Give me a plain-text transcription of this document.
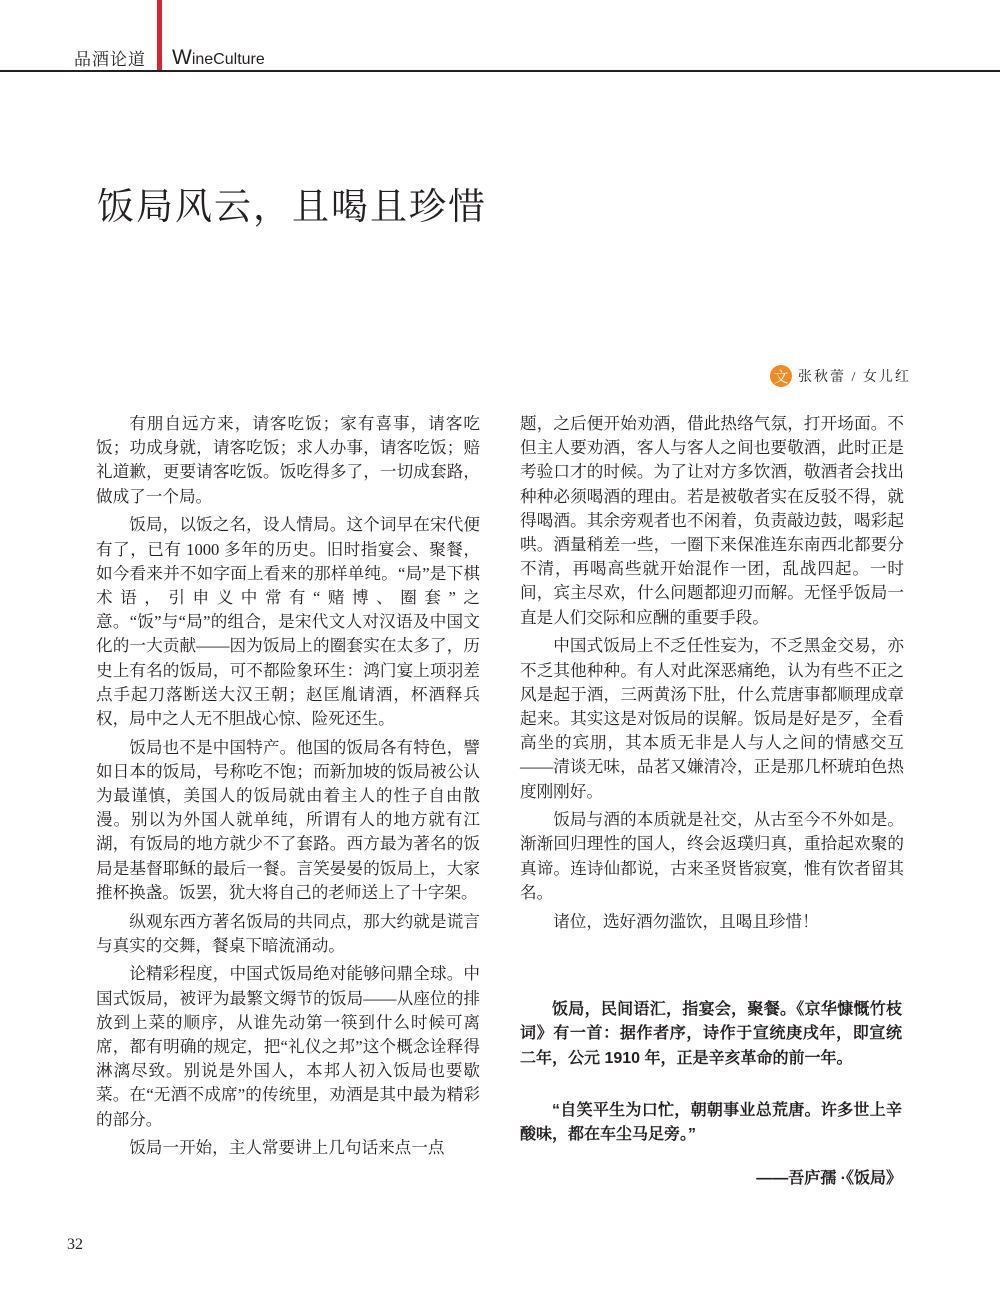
品酒论道 WineCulture
饭局风云，且喝且珍惜
文 张秋蕾 / 女儿红

有朋自远方来，请客吃饭；家有喜事，请客吃饭；功成身就，请客吃饭；求人办事，请客吃饭；赔礼道歉，更要请客吃饭。饭吃得多了，一切成套路，做成了一个局。

饭局，以饭之名，设人情局。这个词早在宋代便有了，已有 1000 多年的历史。旧时指宴会、聚餐，如今看来并不如字面上看来的那样单纯。“局”是下棋术语，引申义中常有“赌博、圈套”之意。“饭”与“局”的组合，是宋代文人对汉语及中国文化的一大贡献——因为饭局上的圈套实在太多了，历史上有名的饭局，可不都险象环生：鸿门宴上项羽差点手起刀落断送大汉王朝；赵匡胤请酒，杯酒释兵权，局中之人无不胆战心惊、险死还生。

饭局也不是中国特产。他国的饭局各有特色，譬如日本的饭局，号称吃不饱；而新加坡的饭局被公认为最谨慎，美国人的饭局就由着主人的性子自由散漫。别以为外国人就单纯，所谓有人的地方就有江湖，有饭局的地方就少不了套路。西方最为著名的饭局是基督耶稣的最后一餐。言笑晏晏的饭局上，大家推杯换盏。饭罢，犹大将自己的老师送上了十字架。

纵观东西方著名饭局的共同点，那大约就是谎言与真实的交舞，餐桌下暗流涌动。

论精彩程度，中国式饭局绝对能够问鼎全球。中国式饭局，被评为最繁文缛节的饭局——从座位的排放到上菜的顺序，从谁先动第一筷到什么时候可离席，都有明确的规定，把“礼仪之邦”这个概念诠释得淋漓尽致。别说是外国人，本邦人初入饭局也要歇菜。在“无酒不成席”的传统里，劝酒是其中最为精彩的部分。

饭局一开始，主人常要讲上几句话来点一点

题，之后便开始劝酒，借此热络气氛，打开场面。不但主人要劝酒，客人与客人之间也要敬酒，此时正是考验口才的时候。为了让对方多饮酒，敬酒者会找出种种必须喝酒的理由。若是被敬者实在反驳不得，就得喝酒。其余旁观者也不闲着，负责敲边鼓，喝彩起哄。酒量稍差一些，一圈下来保准连东南西北都要分不清，再喝高些就开始混作一团，乱战四起。一时间，宾主尽欢，什么问题都迎刃而解。无怪乎饭局一直是人们交际和应酬的重要手段。

中国式饭局上不乏任性妄为，不乏黑金交易，亦不乏其他种种。有人对此深恶痛绝，认为有些不正之风是起于酒，三两黄汤下肚，什么荒唐事都顺理成章起来。其实这是对饭局的误解。饭局是好是歹，全看高坐的宾朋，其本质无非是人与人之间的情感交互——清谈无味，品茗又嫌清冷，正是那几杯琥珀色热度刚刚好。

饭局与酒的本质就是社交，从古至今不外如是。渐渐回归理性的国人，终会返璞归真，重拾起欢聚的真谛。连诗仙都说，古来圣贤皆寂寞，惟有饮者留其名。

诸位，选好酒勿滥饮，且喝且珍惜！

饭局，民间语汇，指宴会，聚餐。《京华慷慨竹枝词》有一首：据作者序，诗作于宣统庚戌年，即宣统二年，公元 1910 年，正是辛亥革命的前一年。

“自笑平生为口忙，朝朝事业总荒唐。许多世上辛酸味，都在车尘马足旁。”

——吾庐孺 ·《饭局》

32
